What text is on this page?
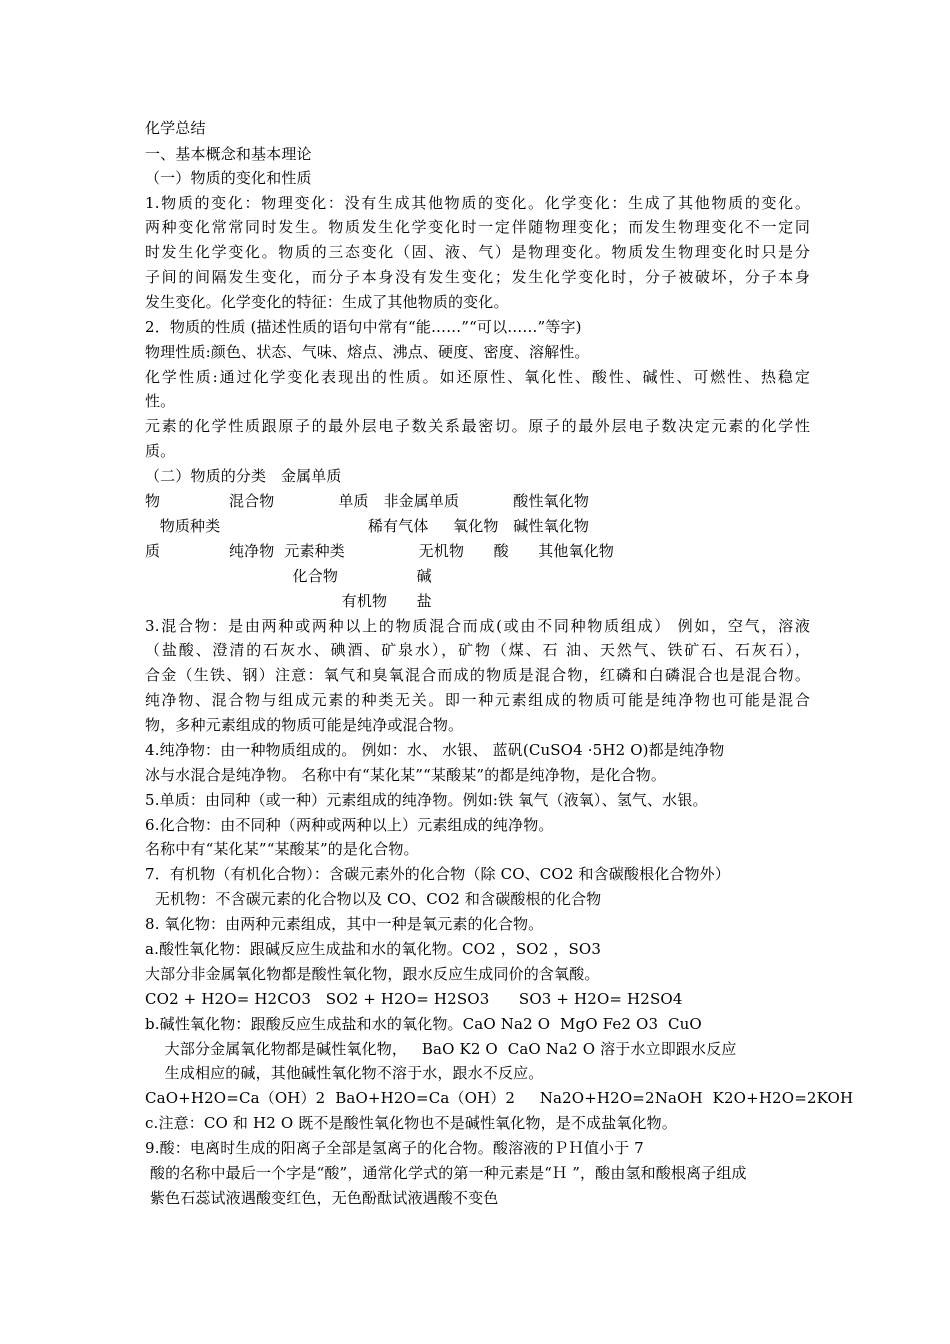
化学总结
一、基本概念和基本理论
（一）物质的变化和性质
1.物质的变化：物理变化：没有生成其他物质的变化。化学变化：生成了其他物质的变化。
两种变化常常同时发生。物质发生化学变化时一定伴随物理变化；而发生物理变化不一定同
时发生化学变化。物质的三态变化（固、液、气）是物理变化。物质发生物理变化时只是分
子间的间隔发生变化，而分子本身没有发生变化；发生化学变化时，分子被破坏，分子本身
发生变化。化学变化的特征：生成了其他物质的变化。
2．物质的性质 (描述性质的语句中常有“能……”“可以……”等字)
物理性质:颜色、状态、气味、熔点、沸点、硬度、密度、溶解性。
化学性质:通过化学变化表现出的性质。如还原性、氧化性、酸性、碱性、可燃性、热稳定
性。
元素的化学性质跟原子的最外层电子数关系最密切。原子的最外层电子数决定元素的化学性
质。
（二）物质的分类   金属单质
物              混合物             单质   非金属单质           酸性氧化物
物质种类                              稀有气体     氧化物   碱性氧化物
质              纯净物  元素种类               无机物      酸      其他氧化物
化合物                碱
有机物      盐
3.混合物：是由两种或两种以上的物质混合而成(或由不同种物质组成） 例如，空气，溶液
（盐酸、澄清的石灰水、碘酒、矿泉水），矿物（煤、石 油、天然气、铁矿石、石灰石），
合金（生铁、钢）注意：氧气和臭氧混合而成的物质是混合物，红磷和白磷混合也是混合物。
纯净物、混合物与组成元素的种类无关。即一种元素组成的物质可能是纯净物也可能是混合
物，多种元素组成的物质可能是纯净或混合物。
4.纯净物：由一种物质组成的。 例如：水、 水银、 蓝矾(CuSO4 ·5H2 O)都是纯净物
冰与水混合是纯净物。 名称中有“某化某”“某酸某”的都是纯净物，是化合物。
5.单质：由同种（或一种）元素组成的纯净物。例如:铁 氧气（液氧）、氢气、水银。
6.化合物：由不同种（两种或两种以上）元素组成的纯净物。
名称中有“某化某”“某酸某”的是化合物。
7．有机物（有机化合物）：含碳元素外的化合物（除 CO、CO2 和含碳酸根化合物外）
无机物：不含碳元素的化合物以及 CO、CO2 和含碳酸根的化合物
8. 氧化物：由两种元素组成，其中一种是氧元素的化合物。
a.酸性氧化物：跟碱反应生成盐和水的氧化物。CO2 ，SO2 ，SO3
大部分非金属氧化物都是酸性氧化物，跟水反应生成同价的含氧酸。
CO2 + H2O= H2CO3   SO2 + H2O= H2SO3      SO3 + H2O= H2SO4
b.碱性氧化物：跟酸反应生成盐和水的氧化物。CaO Na2 O  MgO Fe2 O3  CuO
大部分金属氧化物都是碱性氧化物，   BaO K2 O  CaO Na2 O 溶于水立即跟水反应
生成相应的碱，其他碱性氧化物不溶于水，跟水不反应。
CaO+H2O=Ca（OH）2  BaO+H2O=Ca（OH）2     Na2O+H2O=2NaOH  K2O+H2O=2KOH
c.注意：CO 和 H2 O 既不是酸性氧化物也不是碱性氧化物，是不成盐氧化物。
9.酸：电离时生成的阳离子全部是氢离子的化合物。酸溶液的ＰＨ值小于 7
酸的名称中最后一个字是“酸”，通常化学式的第一种元素是“Ｈ ”，酸由氢和酸根离子组成
紫色石蕊试液遇酸变红色，无色酚酞试液遇酸不变色
